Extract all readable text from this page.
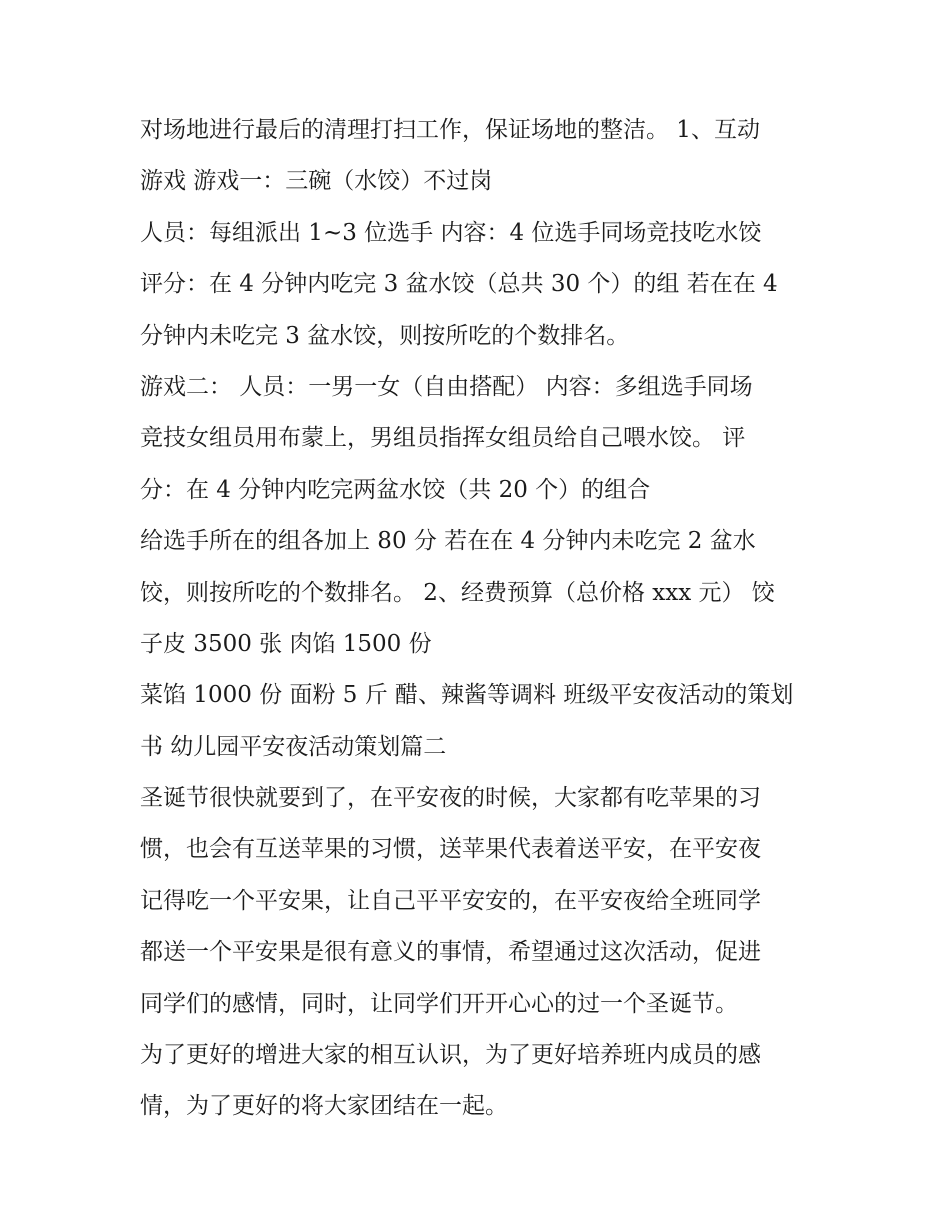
对场地进行最后的清理打扫工作，保证场地的整洁。 1、互动

游戏 游戏一：三碗（水饺）不过岗

人员：每组派出 1~3 位选手 内容：4 位选手同场竞技吃水饺

评分：在 4 分钟内吃完 3 盆水饺（总共 30 个）的组 若在在 4

分钟内未吃完 3 盆水饺，则按所吃的个数排名。

游戏二： 人员：一男一女（自由搭配） 内容：多组选手同场

竞技女组员用布蒙上，男组员指挥女组员给自己喂水饺。 评

分：在 4 分钟内吃完两盆水饺（共 20 个）的组合

给选手所在的组各加上 80 分 若在在 4 分钟内未吃完 2 盆水

饺，则按所吃的个数排名。 2、经费预算（总价格 xxx 元） 饺

子皮 3500 张 肉馅 1500 份

菜馅 1000 份 面粉 5 斤 醋、辣酱等调料 班级平安夜活动的策划

书 幼儿园平安夜活动策划篇二

圣诞节很快就要到了，在平安夜的时候，大家都有吃苹果的习

惯，也会有互送苹果的习惯，送苹果代表着送平安，在平安夜

记得吃一个平安果，让自己平平安安的，在平安夜给全班同学

都送一个平安果是很有意义的事情，希望通过这次活动，促进

同学们的感情，同时，让同学们开开心心的过一个圣诞节。

为了更好的增进大家的相互认识，为了更好培养班内成员的感

情，为了更好的将大家团结在一起。
